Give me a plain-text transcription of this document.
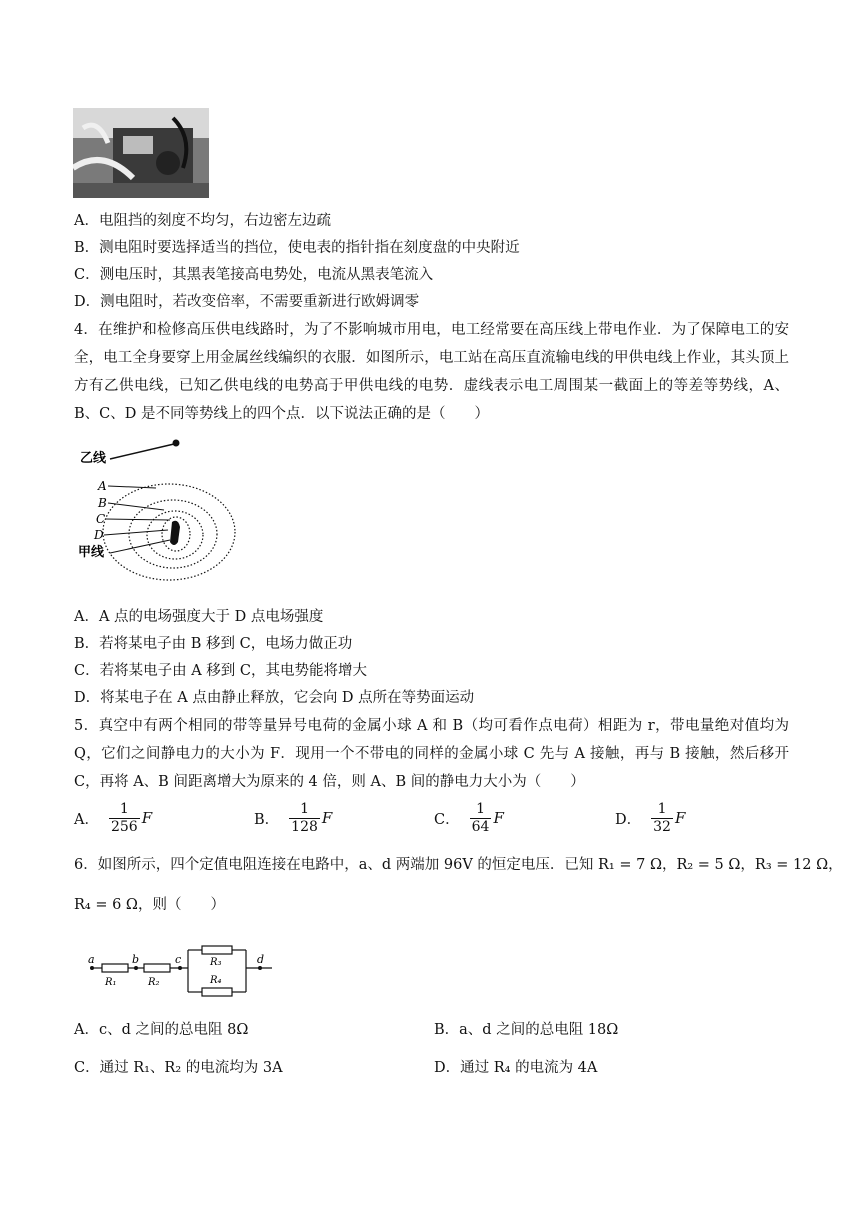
A．电阻挡的刻度不均匀，右边密左边疏
B．测电阻时要选择适当的挡位，使电表的指针指在刻度盘的中央附近
C．测电压时，其黑表笔接高电势处，电流从黑表笔流入
D．测电阻时，若改变倍率，不需要重新进行欧姆调零
4．在维护和检修高压供电线路时，为了不影响城市用电，电工经常要在高压线上带电作业．为了保障电工的安全，电工全身要穿上用金属丝线编织的衣服．如图所示，电工站在高压直流输电线的甲供电线上作业，其头顶上方有乙供电线，已知乙供电线的电势高于甲供电线的电势．虚线表示电工周围某一截面上的等差等势线，A、B、C、D 是不同等势线上的四个点．以下说法正确的是（　　）
乙线
A
B
C
D
甲线
A．A 点的电场强度大于 D 点电场强度
B．若将某电子由 B 移到 C，电场力做正功
C．若将某电子由 A 移到 C，其电势能将增大
D．将某电子在 A 点由静止释放，它会向 D 点所在等势面运动
5．真空中有两个相同的带等量异号电荷的金属小球 A 和 B（均可看作点电荷）相距为 r，带电量绝对值均为 Q，它们之间静电力的大小为 F．现用一个不带电的同样的金属小球 C 先与 A 接触，再与 B 接触，然后移开 C，再将 A、B 间距离增大为原来的 4 倍，则 A、B 间的静电力大小为（　　）
A． $\frac{1}{256}$ F	B． $\frac{1}{128}$ F	C． $\frac{1}{64}$ F	D． $\frac{1}{32}$ F
6．如图所示，四个定值电阻连接在电路中，a、d 两端加 96V 的恒定电压．已知 R₁ = 7 Ω，R₂ = 5 Ω，R₃ = 12 Ω，
R₄ = 6 Ω，则（　　）
a
R₁
b
R₂
c	R₃
R₄
d
A．c、d 之间的总电阻 8Ω	B．a、d 之间的总电阻 18Ω
C．通过 R₁、R₂ 的电流均为 3A	D．通过 R₄ 的电流为 4A
